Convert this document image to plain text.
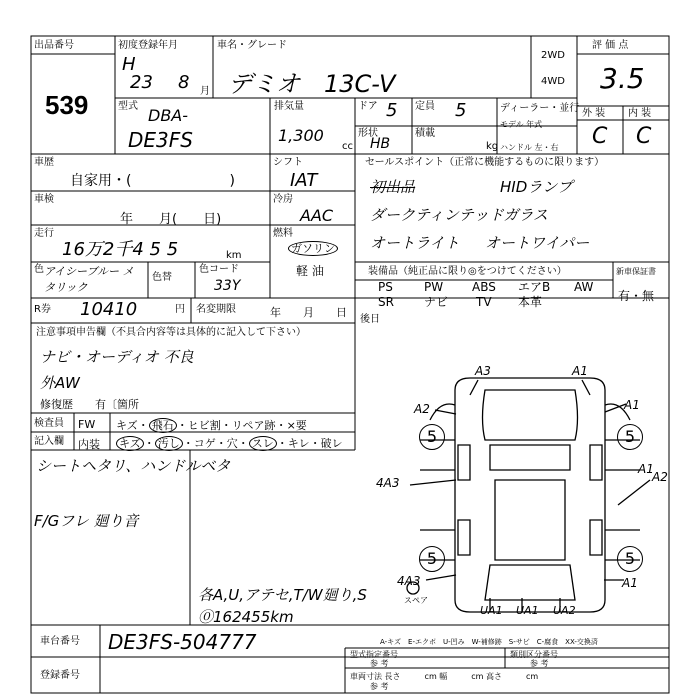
出品番号
539
初度登録年月
H
23 8 月
車名・グレード
デミオ　13C-V
2WD
4WD
評 価 点
3.5
型式 DBA-
DE3FS
排気量
1,300
cc
ドア 5 定員 5	ディーラー・並行
モデル 年式
形状
HB
積載
kg ハンドル 左・右
外 装 内 装
C C
車歴
自家用・(　　　　　　　)
車検
年　　月(　　日)
走行
16万2千4 5 5	km
色 アイシーブルー メタリック
色替
色コード
33Y
シフト
IAT
冷房
AAC
燃料
ガソリン
軽 油
セールスポイント（正常に機能するものに限ります）
初出品	HIDランプ
ダークティンテッドガラス
オートライト オートワイパー
装備品（純正品に限り◎をつけてください）	新車保証書
有・無
PS	PW ABS エアB AW
SR	ナビ TV 本革
R券 10410	円 名変期限	年　　月　　日
後日
注意事項申告欄（不具合内容等は具体的に記入して下さい）
ナビ・オーディオ 不良
外AW
修復歴　　有〔箇所
検査員
記入欄
FW キズ・ 飛石 ・ヒビ割・リペア跡・×要
内装 キズ ・ 汚し ・コゲ・穴・ スレ ・キレ・破レ
シートヘタリ、ハンドルベタ
F/Gフレ 廻り音
各A,U,アテセ,T/W廻り,S
⓪162455km
A3	A1
A2	A1
5	5
A1
A2
4A3
5	5
4A3	A1
スペア
UA1 UA1 UA2
A-キズ　E-エクボ　U-凹み　W-補修跡　S-サビ　C-腐食　XX-交換済
車台番号 DE3FS-504777
登録番号
型式指定番号	類別区分番号
参 考	参 考
車両寸法 長さ　　　cm 幅　　　cm 高さ　　　cm
参 考
